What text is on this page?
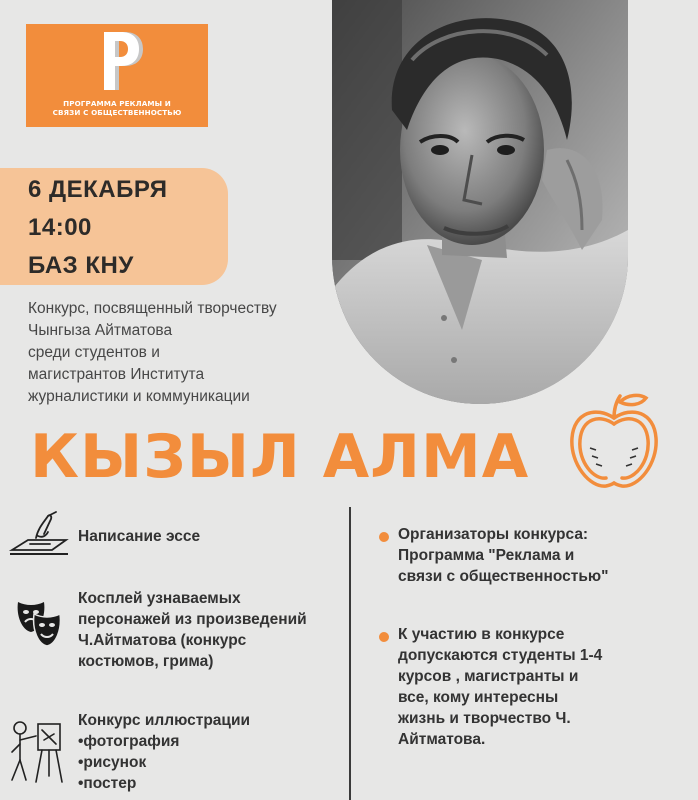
ПРОГРАММА РЕКЛАМЫ И
СВЯЗИ С ОБЩЕСТВЕННОСТЬЮ
6 ДЕКАБРЯ
14:00
БАЗ КНУ
Конкурс, посвященный творчеству
Чынгыза Айтматова
среди студентов и
магистрантов Института
журналистики и коммуникации
КЫЗЫЛ АЛМА
Написание эссе
Косплей узнаваемых
персонажей из произведений
Ч.Айтматова (конкурс
костюмов, грима)
Конкурс иллюстрации
•фотография
•рисунок
•постер
Организаторы конкурса:
Программа "Реклама и
связи с общественностью"
К участию в конкурсе
допускаются студенты 1-4
курсов , магистранты и
все, кому интересны
жизнь и творчество Ч.
Айтматова.
